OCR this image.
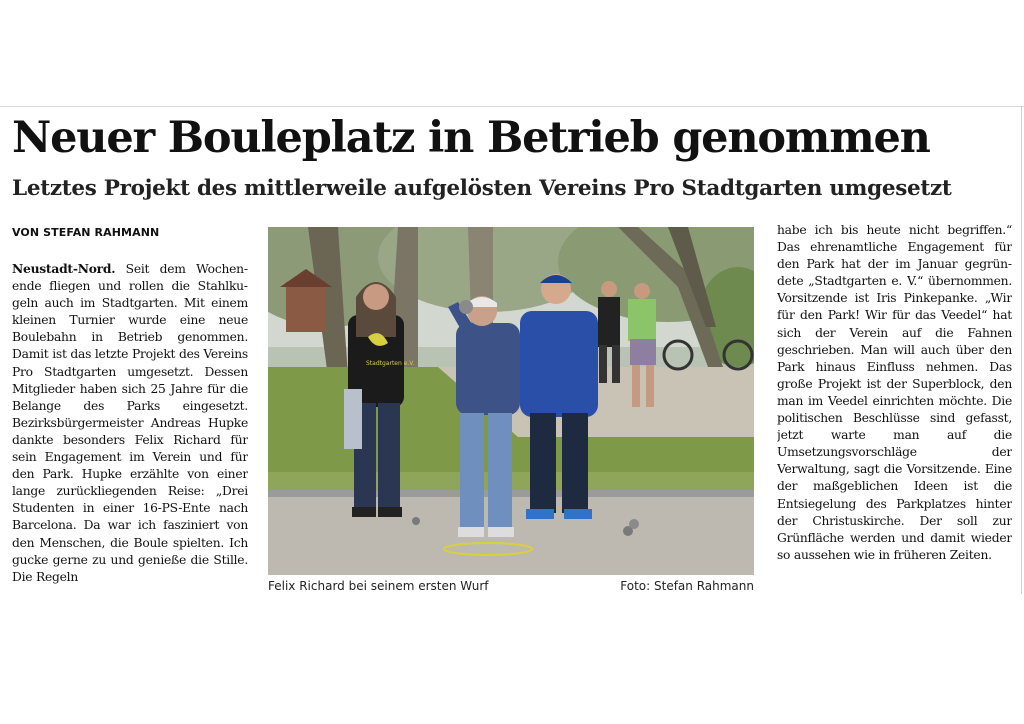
Neuer Bouleplatz in Betrieb genommen
Letztes Projekt des mittlerweile aufgelösten Vereins Pro Stadtgarten umgesetzt
VON STEFAN RAHMANN

Neustadt-Nord. Seit dem Wochenende fliegen und rollen die Stahlkugeln auch im Stadtgarten. Mit einem kleinen Turnier wurde eine neue Boulebahn in Betrieb genommen. Damit ist das letzte Projekt des Vereins Pro Stadtgarten umgesetzt. Dessen Mitglieder haben sich 25 Jahre für die Belange des Parks eingesetzt. Bezirksbürgermeister Andreas Hupke dankte besonders Felix Richard für sein Engagement im Verein und für den Park. Hupke erzählte von einer lange zurückliegenden Reise: „Drei Studenten in einer 16-PS-Ente nach Barcelona. Da war ich fasziniert von den Menschen, die Boule spielten. Ich gucke gerne zu und genieße die Stille. Die Regeln

Stadtgarten e.V.
Felix Richard bei seinem ersten Wurf	Foto: Stefan Rahmann

habe ich bis heute nicht begriffen.“ Das ehrenamtliche Engagement für den Park hat der im Januar gegründete „Stadtgarten e. V.“ übernommen. Vorsitzende ist Iris Pinkepanke. „Wir für den Park! Wir für das Veedel“ hat sich der Verein auf die Fahnen geschrieben. Man will auch über den Park hinaus Einfluss nehmen. Das große Projekt ist der Superblock, den man im Veedel einrichten möchte. Die politischen Beschlüsse sind gefasst, jetzt warte man auf die Umsetzungsvorschläge der Verwaltung, sagt die Vorsitzende. Eine der maßgeblichen Ideen ist die Entsiegelung des Parkplatzes hinter der Christuskirche. Der soll zur Grünfläche werden und damit wieder so aussehen wie in früheren Zeiten.
